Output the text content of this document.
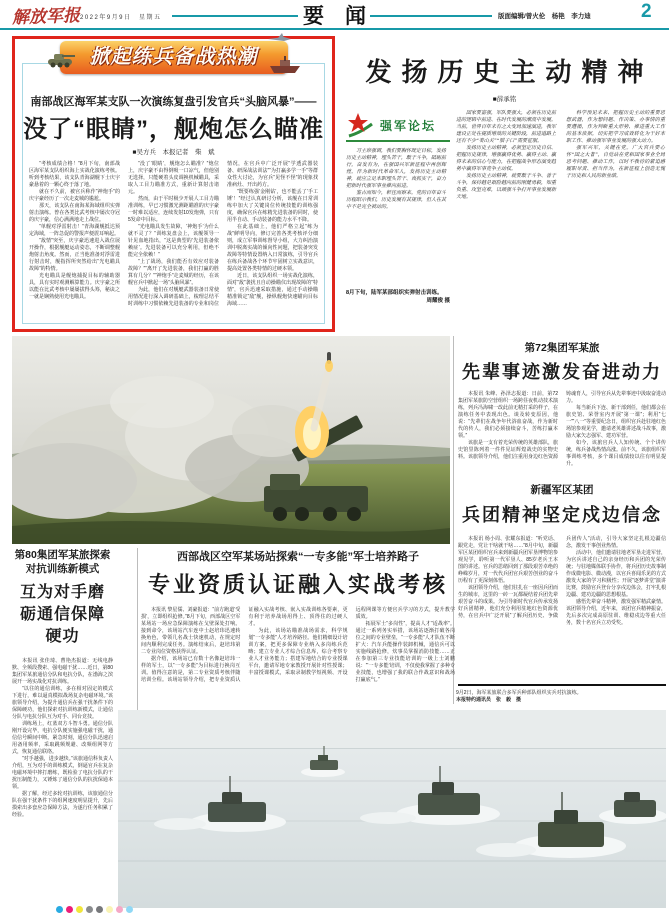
解放军报 2022年9月9日　星期五	要　闻	版面编辑/曾火伦　杨艳　李力迪	2
掀起练兵备战热潮
南部战区海军某支队一次演练复盘引发官兵“头脑风暴”——
没了“眼睛”，舰炮怎么瞄准
■吴方兵　本报记者　柴　斌

“考核成绩合格！”8月下旬，南部战区海军某支队组织海上实战化演练考核。听到考核结果，该支队青海湖舰下士庆宇豪悬着的一颗心终于落了地。

就在不久前，被官兵称作“神炮手”的庆宇豪经历了一次走麦城的尴尬。

那天，该支队在南海某海域组织实弹射击演练。曾在各类比武考核中屡次夺冠的庆宇豪，信心满满地走上战位。

“单舰对浮雷射击！”青海湖舰抵达预定海域，一阵急促的警报声便震耳响起。

“敌情”突至，庆宇豪迅速进入战位展开操作，根据舰艇运动姿态，不断调整舰炮射击角度。然而，正当他准备对浮雷进行射击时，舰指挥所突然给出“光电瞄具故障”的特情。

光电瞄具是舰炮捕捉目标的辅助器具，具有实时观测解算能力。庆宇豪之所以能在比武考核中屡屡拔得头筹，秘诀之一就是娴熟使用光电瞄具。

“没了‘眼睛’，舰炮怎么瞄准？”炮位上，庆宇豪不由得倒吸一口凉气，但他别无选择，只能硬着头皮调换机械瞄具，采取人工目力瞄准方式，重新计算射击诸元。

然而，由于平时极少开展人工目力瞄准训练，早已习惯激光测距瞄准的庆宇豪一时难以适应，连续发射10发炮弹，只有5发命中目标。

“光电瞄具发生故障，‘神炮手’为什么就不灵了？”训练复盘会上，该舰领导一针见血地指出，“这是典型的‘先进装备依赖症’。先进装备可以充分利用，但绝不能完全依赖！”

“上了战场，我们能否有效应对装备故障？”“离开了先进装备，我们打赢的胜算有几分？”“神炮手”走麦城的经历，在该舰官兵中掀起一场“头脑风暴”。

为此，他们在对舰艇武器装备日常使用情况进行深入调研基础上，梳理总结平时训练中习惯依赖先进装备的专业和岗位情况，在官兵中广泛开展“学透武器装备、研深战法训法”“为打赢多学一手”等群众性大讨论，为官兵“见怪不怪”的现象找准病灶、开出药方。

“既要练强‘金刚钻’，也不能丢了‘手工锤’！”经过认真研讨分析，该舰在日常训练中加大了关键岗位传统技能的训练强度，确保官兵在练精先进装备的同时，使用半自动、手动装备的能力水平不降。

在此基础上，他们严格立起“练为战”鲜明导向，修订完善各类考核评分细则，成立军事训练督导小组，大力纠治演训中脱离实战的倾向性问题，把装备突发故障等特情设置纳入日常演练，引导官兵在练兵备战各个环节牢固树立实战意识，提高处置各类特情的过硬本领。

近日，该支队组织一场实战化演练，面对“敌”袭扰且自动操瞄仪出现故障的“特情”，官兵迅速采取措施，通过手动操瞄精准锁定“敌”舰，操纵舰炮快速瞄向目标海域……

发扬历史主动精神
■薛承铭
强军论坛

习主席强调，我们要胸怀既定目标，发扬历史主动精神，埋头苦干，敢于斗争，砥砺前行，奋发有为，在强国兴军新征程中再创辉煌。作为新时代革命军人，发扬历史主动精神，就应立足本职埋头苦干、真抓实干，奋力把新时代强军事业推向前进。

鉴古而知今，彰往而察来。党的百年奋斗历程昭示我们，历史发展有其规律，但人在其中不是完全被动的。

8月下旬，陆军某部组织实弹射击训练。
周耀俊 摄

国家要富强，军队要强大，必须在历史前进的逻辑中前进、在时代发展的潮流中发展。当前，世界百年未有之大变局加速演进，我军建设正处在提质增效的关键阶段，前进道路上还有不少“娄山关”“腊子口”需要征服。

发扬历史主动精神，必须坚定历史自信、把握历史规律，增强赢得优势、赢得主动、赢得未来的信心与能力，在把握战争形态演变趋势中赢得军事竞争主动权。

发扬历史主动精神，就要敢于斗争、善于斗争，保持越是艰险越向前的刚健勇毅，知重负重、攻坚克难，以顽强斗争打开事业发展新天地。

科学预见未来、把握历史主动的重要思想武器，作为想问题、作决策、办事情的重要遵循，作为判断重大形势、推进重大工作的基本依据，切实把学习成效转化为干好本职工作、推动强军事业发展的强大动力。

强军兴军，关键在党。广大官兵要心怀“国之大者”，自觉站在党和国家事业全局思考问题、推动工作，以时不我待的紧迫感履职尽责、担当作为，在新征程上创造无愧于历史和人民的新业绩。

第72集团军某旅
先辈事迹激发奋进动力

本报讯 朱峰、孙泽志报道：日前，第72集团军某旅防空营组织一场跨昼夜机动技术演练，列兵冯海啸一改此前无精打采的样子，在演练任务中表现出色。谈及转变原因，他说：“先辈们在战争年代浴血奋战，作为新时代的传人，我们必须接续奋斗，苦练打赢本领。”

该旅是一支有着光荣传统的英雄部队，旅史馆里陈列着一件件见证辉煌战史的实物史料。该旅领导介绍，他们注重用身边红色资源铸魂育人，引导官兵从先辈事迹中汲取奋进动力。

每当新兵下连、新干部到任，他们都会在旅史馆、荣誉室内开展“第一课”；利用“七一”“八一”等重要纪念日，组织官兵赴驻地红色场馆参观见学，邀请老英雄讲述战斗故事，激励大家矢志强军、建功军营。

如今，该旅官兵人人知传统、个个讲传统，练兵备战热情高涨。前不久，该旅组织军事训练考核，多个课目成绩较以往有明显提升。

新疆军区某团
兵团精神坚定戍边信念

本报讯 杨小周、张耀东报道：“听党话、跟党走，党让干啥就干啥……”8月中旬，新疆军区某团组织官兵来到新疆兵团军垦博物馆参观见学，聆听第一代军垦人、85岁老兵王本图的讲述。官兵的思绪回到了那段艰苦卓绝的峥嵘岁月，对一代代兵团官兵艰苦创业的奋斗历程有了更深刻体悟。

该团领导介绍，他们驻扎在一座因兵团而生的城市，这里的一砖一瓦都凝结着兵团先辈艰苦奋斗的成果。为引导新时代官兵传承发扬好兵团精神，他们充分利用驻地红色资源优势，在官兵中广泛开展“了解兵团历史、争做兵团传人”活动，引导大家坚定扎根边疆信念，激发干事创业热情。

活动中，他们邀请驻地老军垦走进军营，为官兵讲述自己的亲身经历和兵团的光荣传统；与驻地媒体联手协作，将兵团历史故事制作成微电影、微动漫，以官兵喜闻乐见的方式激发大家的学习积极性；开展“逐梦讲堂”演讲比赛，鼓励官兵登台分享戍边体会，打牢扎根边疆、建功边疆的思想根基。

感悟先辈奋斗精神，激发强军精武豪情。该团领导介绍，近年来，该团官兵精神振奋，先后多次完成高原驻训、维稳戍边等重大任务，数十名官兵立功受奖。

9月2日，海军某旅联合多军兵种部队组织实兵对抗演练。
本报特约通讯员　张　毅　摄
第80集团军某旅探索对抗训练新模式
互为对手磨砺通信保障硬功

本报讯 张佳琦、曹艳杰报道：无线电静默、全频段搜索、强电磁干扰……近日，第80集团军某旅通信分队和电抗分队，在渤海之滨展开一场实战化对抗训练。

“以往的通信训练，多在相对固定的模式下进行，难以逼真模拟战场复杂电磁环境。”该旅领导介绍，为提升通信兵在强干扰条件下的保障硬功，他们探索对抗训练新模式，让通信分队与电抗分队互为对手、同台竞技。

训练场上，红蓝双方斗智斗勇。通信分队刚开设完毕，电抗分队便实施强电磁干扰，通信信号瞬间中断。紧急时刻，通信分队迅速启用备用频率，采取跳频规避、改频组网等方式，恢复通信联络。

“对手越强，进步越快。”该旅通信科负责人介绍，互为对手的训练模式，倒逼官兵在复杂电磁环境中摔打磨练，既检验了电抗分队的干扰压制能力，又锤炼了通信分队的抗扰保通本领。

据了解，经过多轮对抗训练，该旅通信分队在强干扰条件下的组网速度明显提升，先后摸索出多套应急保障方法，为遂行任务积累了经验。

西部战区空军某场站探索“一专多能”军士培养路子
专业资质认证融入实战考核

本报讯 黎星儒、刘豪报道：“前方跑道‘受损’，立即组织抢修。”8月下旬，西部战区空军某场站一场应急保障演练在戈壁深处打响。接到命令，该场站汽车连中士赵培玮迅速转换角色，带领几名战士快速机动，在规定时间内顺利完成任务。演练结束后，赵培玮第二专业岗位资格获得认证。

据介绍，该场站已有数十名像赵培玮一样的军士，以“一专多能”为目标进行换岗互训。值得注意的是，第二专业资质考核伴随培训全程。该场站领导介绍，把专业资质认证融入实战考核、嵌入实战训练各要素，更有利于培养战场用得上、顶得住的过硬人才。

为此，该场站瞄准战场需求，科学规划“一专多能”人才培养路径。他们精细设计培训方案，把更多保障专业纳入多岗练兵范畴；建立专业人才综合信息库，综合考察专业人才业务能力；搭建军地结合的专业授课平台，邀请军地专家教授开展针对性授课；丰富授课模式，采取录制教学短视频、开设远程网课等方便官兵学习的方式，提升教学质效。

拓展军士“多岗性”，提高人才“适战率”。通过一系列务实举措，该场站逐渐打破各岗位之间的专业壁垒，“一专多能”人才队伍不断扩大：汽车兵能操作装卸机械，通信兵可以实施线路抢修，炊事员掌握消防技能……正在参加第三专业技能培训的一级上士刘鹏说：“‘一专多能’培训，不仅使我掌握了多种专业技能，也增强了我的联合作战意识和战场打赢底气。”
